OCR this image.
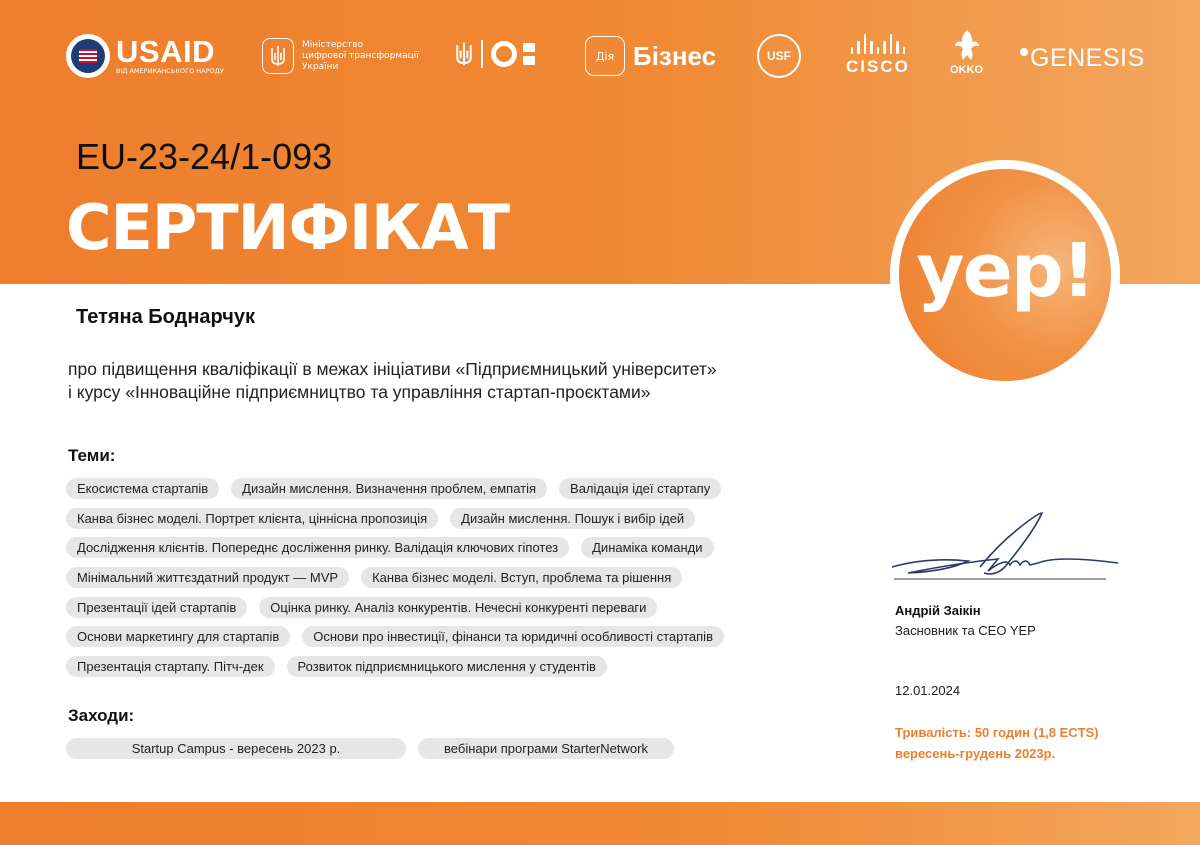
USAID
ВІД АМЕРИКАНСЬКОГО НАРОДУ
Міністерство
цифрової трансформації
України
Дія Бізнес	USF
CISCO	OKKO GENESIS
EU-23-24/1-093
СЕРТИФІКАТ
yep!
Тетяна Боднарчук
про підвищення кваліфікації в межах ініціативи «Підприємницький університет»
і курсу «Інноваційне підприємництво та управління стартап-проєктами»
Теми:
Екосистема стартапів	Дизайн мислення. Визначення проблем, емпатія	Валідація ідеї стартапу
Канва бізнес моделі. Портрет клієнта, ціннісна пропозиція	Дизайн мислення. Пошук і вибір ідей
Дослідження клієнтів. Попереднє досліження ринку. Валідація ключових гіпотез	Динаміка команди
Мінімальний життєздатний продукт — MVP	Канва бізнес моделі. Вступ, проблема та рішення
Презентації ідей стартапів	Оцінка ринку. Аналіз конкурентів. Нечесні конкуренті переваги
Основи маркетингу для стартапів	Основи про інвестиції, фінанси та юридичні особливості стартапів
Презентація стартапу. Пітч-дек	Розвиток підприємницького мислення у студентів
Заходи:
Startup Campus - вересень 2023 р.	вебінари програми StarterNetwork
Андрій Заікін
Засновник та CEO YEP
12.01.2024
Тривалість: 50 годин (1,8 ECTS)
вересень-грудень 2023р.
